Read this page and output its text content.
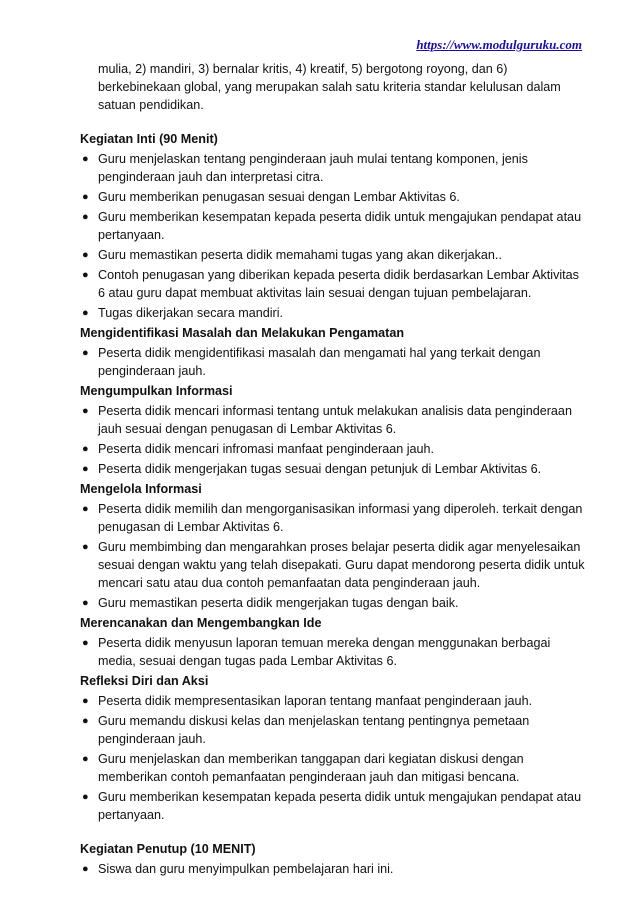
https://www.modulguruku.com
mulia, 2) mandiri, 3) bernalar kritis, 4) kreatif, 5) bergotong royong, dan 6) berkebinekaan global, yang merupakan salah satu kriteria standar kelulusan dalam satuan pendidikan.
Kegiatan Inti (90 Menit)
● Guru menjelaskan tentang penginderaan jauh mulai tentang komponen, jenis penginderaan jauh dan interpretasi citra.
● Guru memberikan penugasan sesuai dengan Lembar Aktivitas 6.
● Guru memberikan kesempatan kepada peserta didik untuk mengajukan pendapat atau pertanyaan.
● Guru memastikan peserta didik memahami tugas yang akan dikerjakan..
● Contoh penugasan yang diberikan kepada peserta didik berdasarkan Lembar Aktivitas 6 atau guru dapat membuat aktivitas lain sesuai dengan tujuan pembelajaran.
● Tugas dikerjakan secara mandiri.
Mengidentifikasi Masalah dan Melakukan Pengamatan
● Peserta didik mengidentifikasi masalah dan mengamati hal yang terkait dengan penginderaan jauh.
Mengumpulkan Informasi
● Peserta didik mencari informasi tentang untuk melakukan analisis data penginderaan jauh sesuai dengan penugasan di Lembar Aktivitas 6.
● Peserta didik mencari infromasi manfaat penginderaan jauh.
● Peserta didik mengerjakan tugas sesuai dengan petunjuk di Lembar Aktivitas 6.
Mengelola Informasi
● Peserta didik memilih dan mengorganisasikan informasi yang diperoleh. terkait dengan penugasan di Lembar Aktivitas 6.
● Guru membimbing dan mengarahkan proses belajar peserta didik agar menyelesaikan sesuai dengan waktu yang telah disepakati. Guru dapat mendorong peserta didik untuk mencari satu atau dua contoh pemanfaatan data penginderaan jauh.
● Guru memastikan peserta didik mengerjakan tugas dengan baik.
Merencanakan dan Mengembangkan Ide
● Peserta didik menyusun laporan temuan mereka dengan menggunakan berbagai media, sesuai dengan tugas pada Lembar Aktivitas 6.
Refleksi Diri dan Aksi
● Peserta didik mempresentasikan laporan tentang manfaat penginderaan jauh.
● Guru memandu diskusi kelas dan menjelaskan tentang pentingnya pemetaan penginderaan jauh.
● Guru menjelaskan dan memberikan tanggapan dari kegiatan diskusi dengan memberikan contoh pemanfaatan penginderaan jauh dan mitigasi bencana.
● Guru memberikan kesempatan kepada peserta didik untuk mengajukan pendapat atau pertanyaan.
Kegiatan Penutup (10 MENIT)
● Siswa dan guru menyimpulkan pembelajaran hari ini.
